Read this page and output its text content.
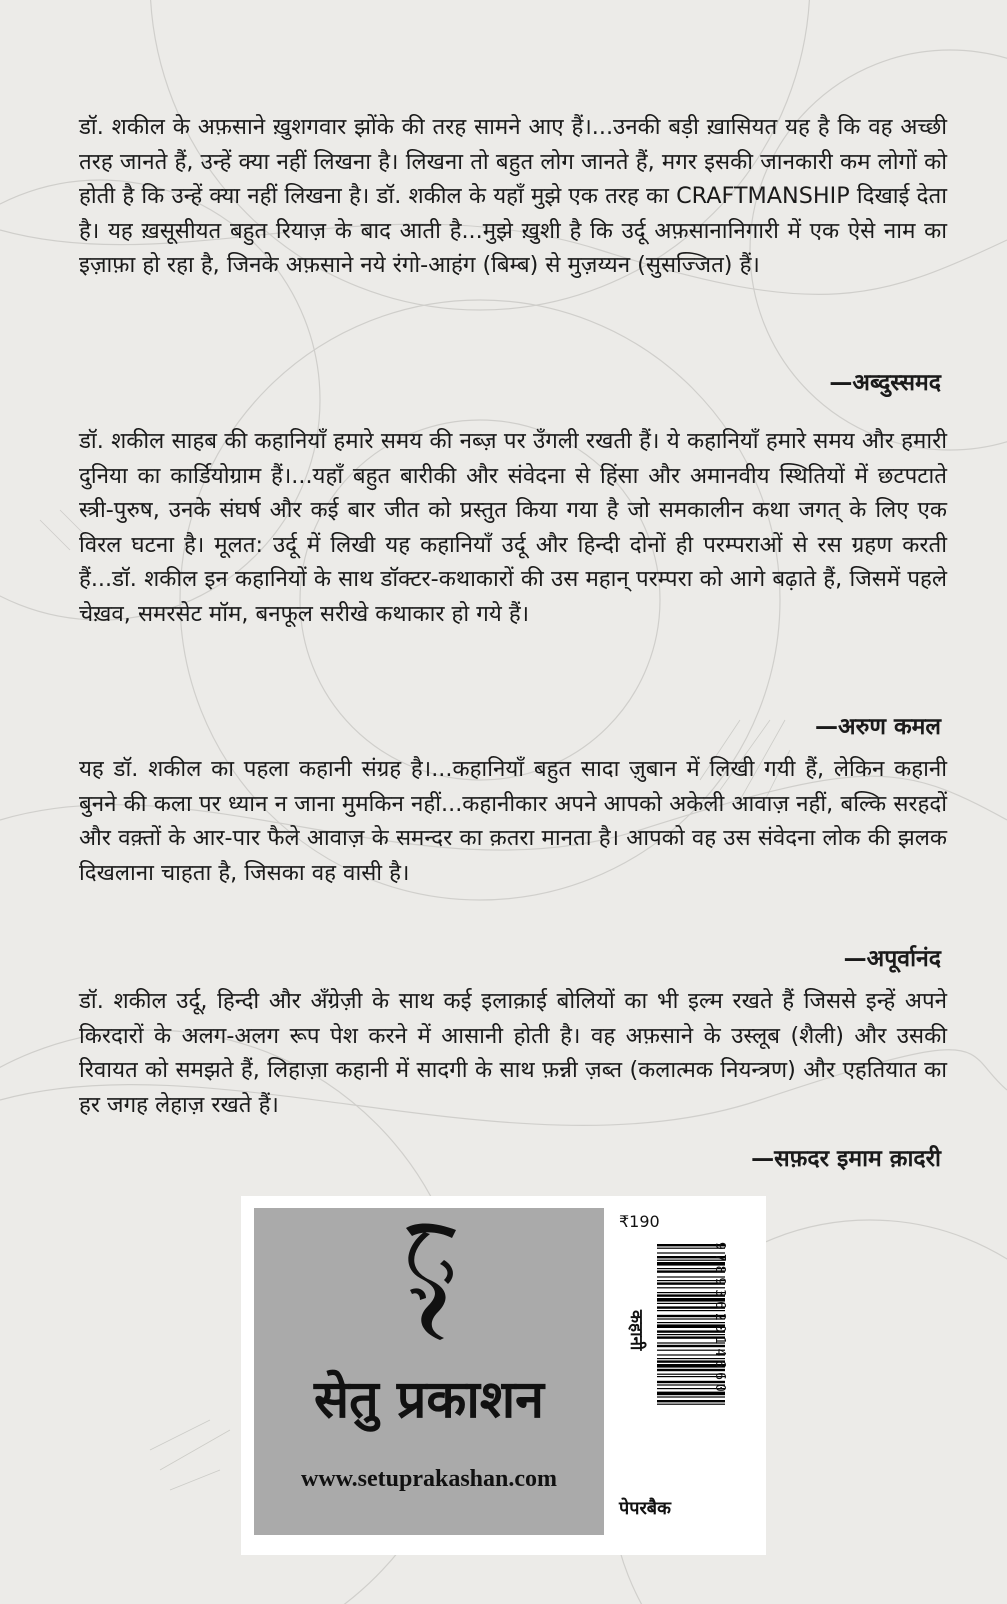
डॉ. शकील के अफ़साने ख़ुशगवार झोंके की तरह सामने आए हैं।...उनकी बड़ी ख़ासियत यह है कि वह अच्छी तरह जानते हैं, उन्हें क्या नहीं लिखना है। लिखना तो बहुत लोग जानते हैं, मगर इसकी जानकारी कम लोगों को होती है कि उन्हें क्या नहीं लिखना है। डॉ. शकील के यहाँ मुझे एक तरह का CRAFTMANSHIP दिखाई देता है। यह ख़सूसीयत बहुत रियाज़ के बाद आती है...मुझे ख़ुशी है कि उर्दू अफ़सानानिगारी में एक ऐसे नाम का इज़ाफ़ा हो रहा है, जिनके अफ़साने नये रंगो-आहंग (बिम्ब) से मुज़य्यन (सुसज्जित) हैं।

—अब्दुस्समद

डॉ. शकील साहब की कहानियाँ हमारे समय की नब्ज़ पर उँगली रखती हैं। ये कहानियाँ हमारे समय और हमारी दुनिया का कार्डियोग्राम हैं।...यहाँ बहुत बारीकी और संवेदना से हिंसा और अमानवीय स्थितियों में छटपटाते स्त्री-पुरुष, उनके संघर्ष और कई बार जीत को प्रस्तुत किया गया है जो समकालीन कथा जगत् के लिए एक विरल घटना है। मूलत: उर्दू में लिखी यह कहानियाँ उर्दू और हिन्दी दोनों ही परम्पराओं से रस ग्रहण करती हैं...डॉ. शकील इन कहानियों के साथ डॉक्टर-कथाकारों की उस महान् परम्परा को आगे बढ़ाते हैं, जिसमें पहले चेख़व, समरसेट मॉम, बनफूल सरीखे कथाकार हो गये हैं।

—अरुण कमल

यह डॉ. शकील का पहला कहानी संग्रह है।...कहानियाँ बहुत सादा ज़ुबान में लिखी गयी हैं, लेकिन कहानी बुनने की कला पर ध्यान न जाना मुमकिन नहीं...कहानीकार अपने आपको अकेली आवाज़ नहीं, बल्कि सरहदों और वक़्तों के आर-पार फैले आवाज़ के समन्दर का क़तरा मानता है। आपको वह उस संवेदना लोक की झलक दिखलाना चाहता है, जिसका वह वासी है।

—अपूर्वानंद

डॉ. शकील उर्दू, हिन्दी और अँग्रेज़ी के साथ कई इलाक़ाई बोलियों का भी इल्म रखते हैं जिससे इन्हें अपने किरदारों के अलग-अलग रूप पेश करने में आसानी होती है। वह अफ़साने के उस्लूब (शैली) और उसकी रिवायत को समझते हैं, लिहाज़ा कहानी में सादगी के साथ फ़न्नी ज़ब्त (कलात्मक नियन्त्रण) और एहतियात का हर जगह लेहाज़ रखते हैं।

—सफ़दर इमाम क़ादरी
सेतु प्रकाशन
www.setuprakashan.com
₹190
कहानी	9789362014660
पेपरबैक
